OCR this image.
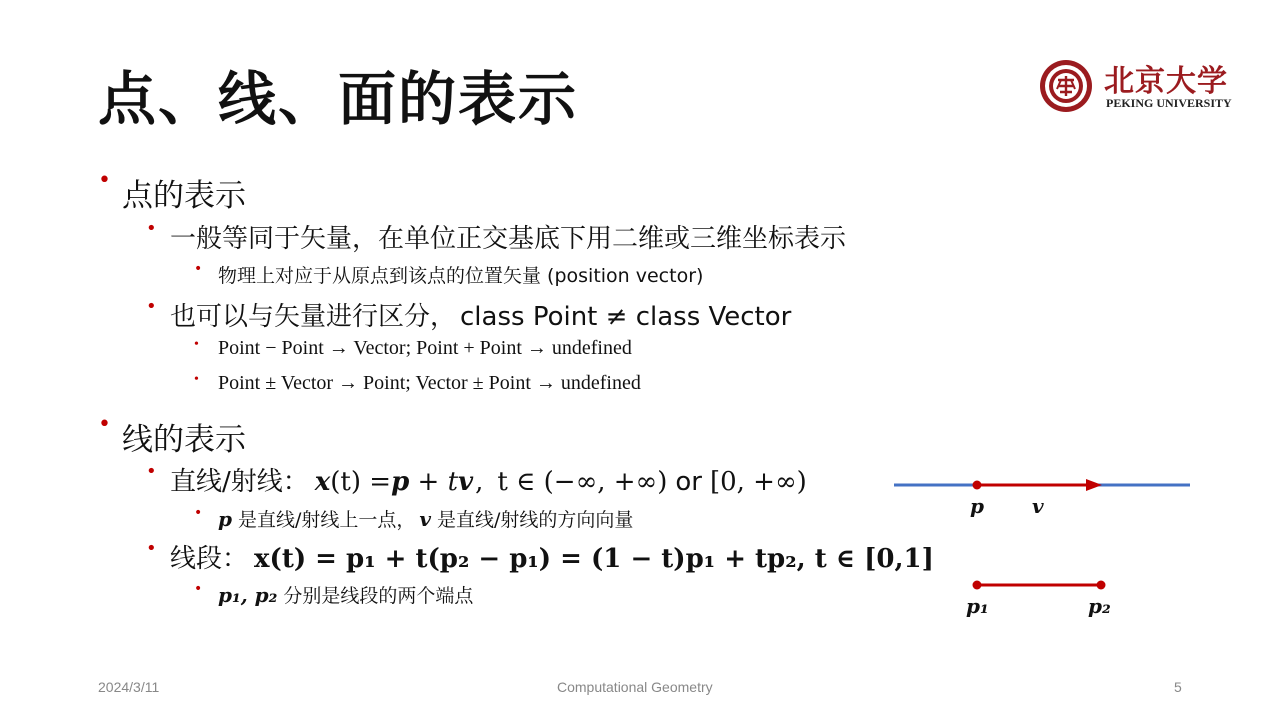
点、线、面的表示	北京大学
PEKING UNIVERSITY
• 点的表示
• 一般等同于矢量，在单位正交基底下用二维或三维坐标表示
• 物理上对应于从原点到该点的位置矢量 (position vector)
• 也可以与矢量进行区分， class Point ≠ class Vector
• Point − Point → Vector; Point + Point → undefined
• Point ± Vector → Point; Vector ± Point → undefined
• 线的表示
• 直线/射线： x (t) = p + t v , t ∈ (−∞, +∞) or [0, +∞)
• p 是直线/射线上一点， v 是直线/射线的方向向量
• 线段： x(t) = p₁ + t(p₂ − p₁) = (1 − t)p₁ + tp₂, t ∈ [0,1]
• p₁, p₂ 分别是线段的两个端点
p v
p₁	p₂
2024/3/11	Computational Geometry	5
